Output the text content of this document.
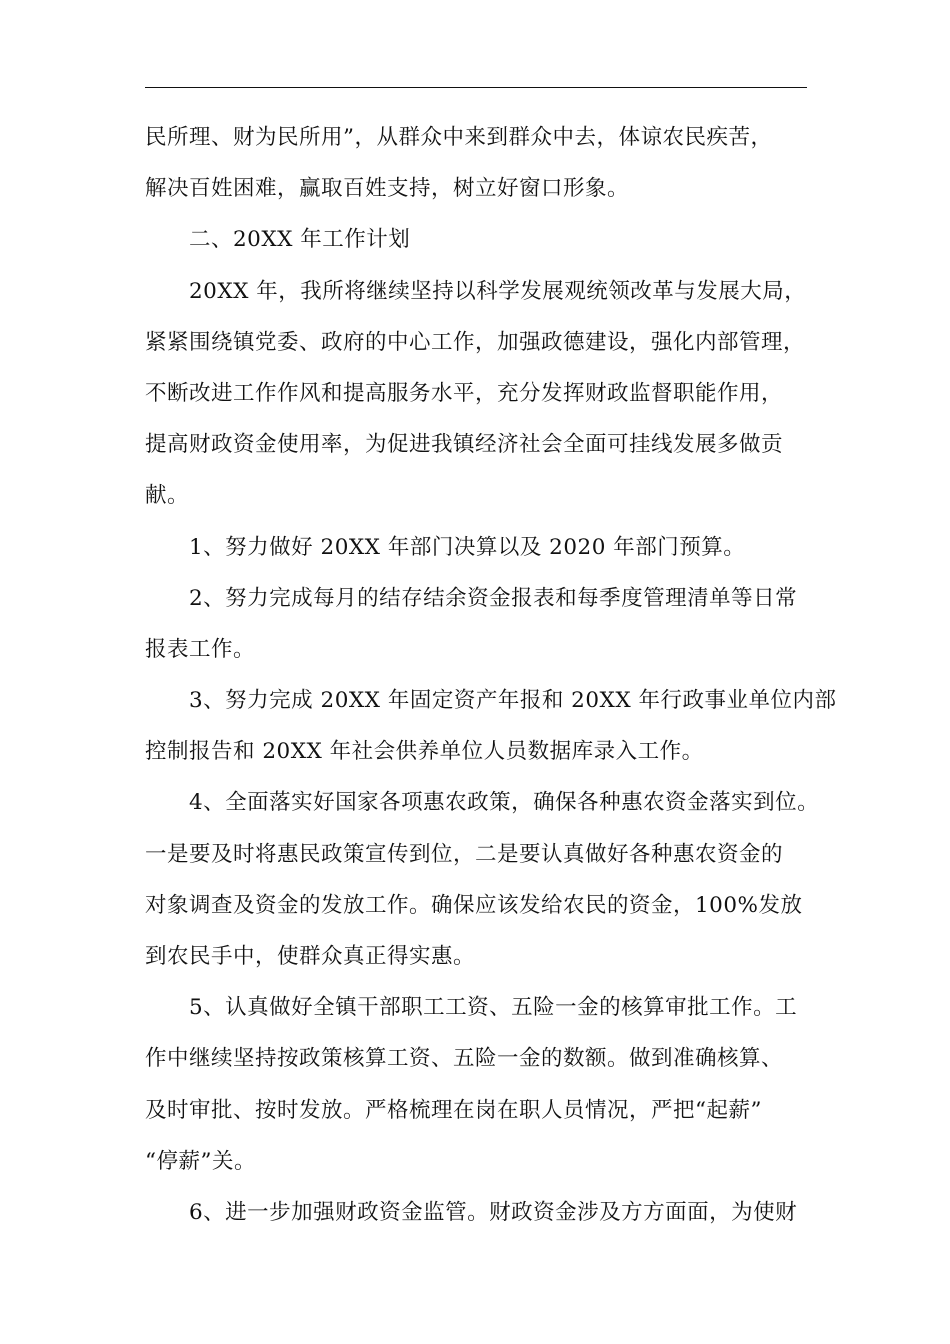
民所理、财为民所用”，从群众中来到群众中去，体谅农民疾苦，
解决百姓困难，赢取百姓支持，树立好窗口形象。
二、20XX 年工作计划
20XX 年，我所将继续坚持以科学发展观统领改革与发展大局，
紧紧围绕镇党委、政府的中心工作，加强政德建设，强化内部管理，
不断改进工作作风和提高服务水平，充分发挥财政监督职能作用，
提高财政资金使用率，为促进我镇经济社会全面可挂线发展多做贡
献。
1、努力做好 20XX 年部门决算以及 2020 年部门预算。
2、努力完成每月的结存结余资金报表和每季度管理清单等日常
报表工作。
3、努力完成 20XX 年固定资产年报和 20XX 年行政事业单位内部
控制报告和 20XX 年社会供养单位人员数据库录入工作。
4、全面落实好国家各项惠农政策，确保各种惠农资金落实到位。
一是要及时将惠民政策宣传到位，二是要认真做好各种惠农资金的
对象调查及资金的发放工作。确保应该发给农民的资金，100%发放
到农民手中，使群众真正得实惠。
5、认真做好全镇干部职工工资、五险一金的核算审批工作。工
作中继续坚持按政策核算工资、五险一金的数额。做到准确核算、
及时审批、按时发放。严格梳理在岗在职人员情况，严把“起薪”
“停薪”关。
6、进一步加强财政资金监管。财政资金涉及方方面面，为使财
